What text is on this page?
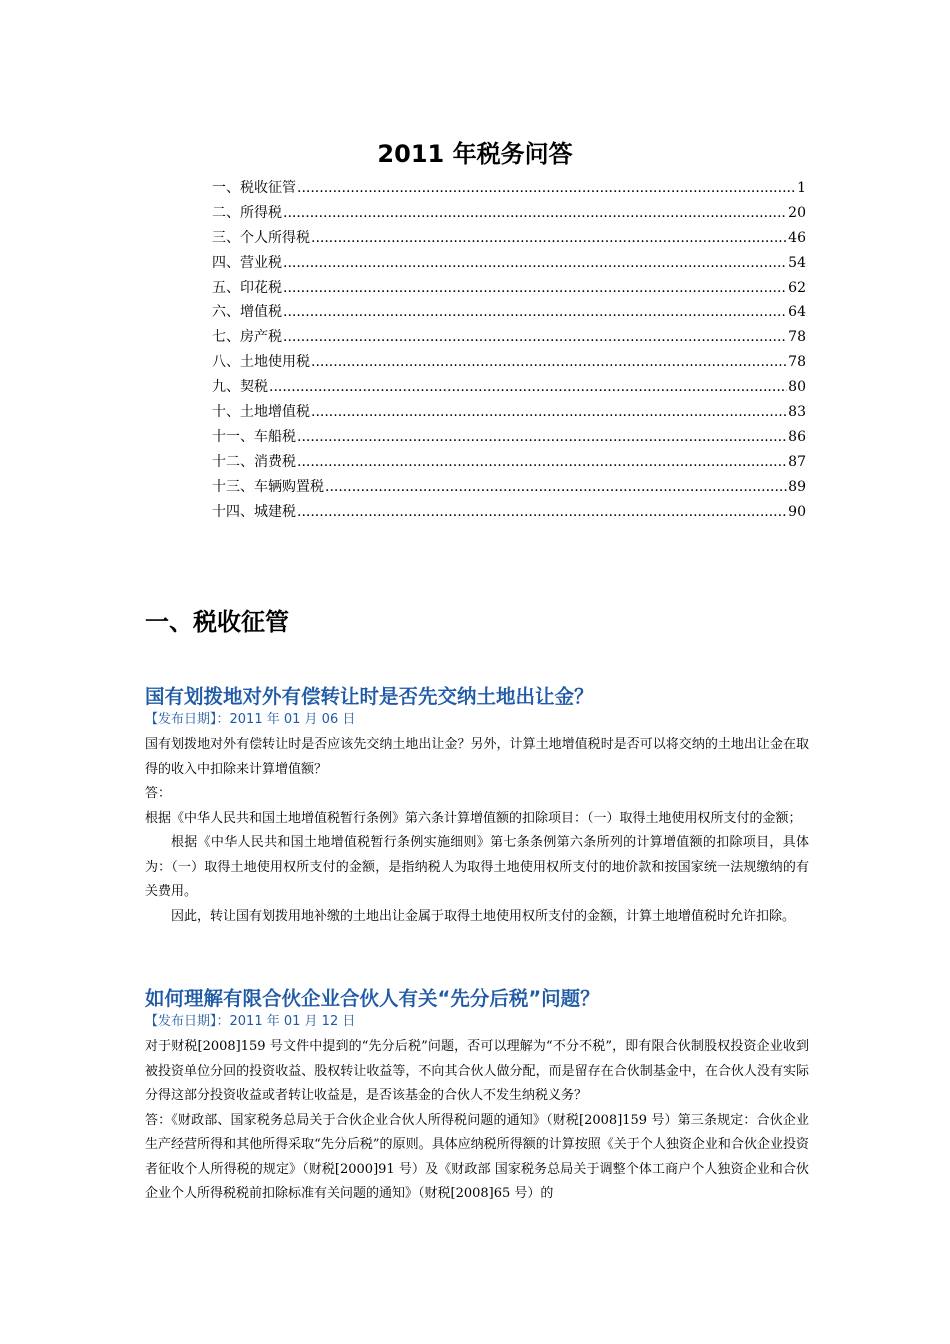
2011 年税务问答
一、税收征管 .....	1
二、所得税 .....	20
三、个人所得税 .....	46
四、营业税 .....	54
五、印花税 .....	62
六、增值税 .....	64
七、房产税 .....	78
八、土地使用税 .....	78
九、契税 .....	80
十、土地增值税 .....	83
十一、车船税 .....	86
十二、消费税 .....	87
十三、车辆购置税 .....	89
十四、城建税 .....	90
一、税收征管
国有划拨地对外有偿转让时是否先交纳土地出让金？
【发布日期】：2011 年 01 月 06 日

国有划拨地对外有偿转让时是否应该先交纳土地出让金？另外，计算土地增值税时是否可以将交纳的土地出让金在取得的收入中扣除来计算增值额？

答：

根据《中华人民共和国土地增值税暂行条例》第六条计算增值额的扣除项目：（一）取得土地使用权所支付的金额；

根据《中华人民共和国土地增值税暂行条例实施细则》第七条条例第六条所列的计算增值额的扣除项目，具体为：（一）取得土地使用权所支付的金额，是指纳税人为取得土地使用权所支付的地价款和按国家统一法规缴纳的有关费用。

因此，转让国有划拨用地补缴的土地出让金属于取得土地使用权所支付的金额，计算土地增值税时允许扣除。

如何理解有限合伙企业合伙人有关“先分后税”问题？
【发布日期】：2011 年 01 月 12 日

对于财税[2008]159 号文件中提到的“先分后税”问题，否可以理解为“不分不税”，即有限合伙制股权投资企业收到被投资单位分回的投资收益、股权转让收益等，不向其合伙人做分配，而是留存在合伙制基金中，在合伙人没有实际分得这部分投资收益或者转让收益是，是否该基金的合伙人不发生纳税义务？

答：《财政部、国家税务总局关于合伙企业合伙人所得税问题的通知》（财税[2008]159 号）第三条规定：合伙企业生产经营所得和其他所得采取“先分后税”的原则。具体应纳税所得额的计算按照《关于个人独资企业和合伙企业投资者征收个人所得税的规定》（财税[2000]91 号）及《财政部 国家税务总局关于调整个体工商户个人独资企业和合伙企业个人所得税税前扣除标准有关问题的通知》（财税[2008]65 号）的
